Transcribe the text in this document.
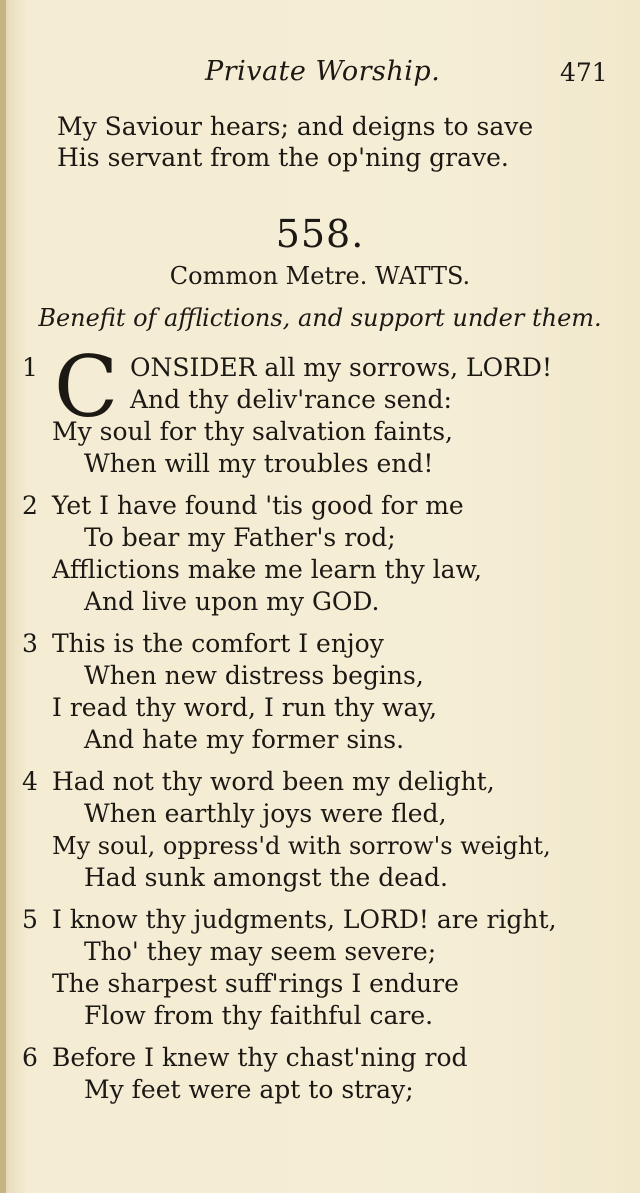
Private Worship.	471
My Saviour hears; and deigns to save
His servant from the op'ning grave.
558.
Common Metre. WATTS.
Benefit of afflictions, and support under them.
1 C ONSIDER all my sorrows, LORD!
And thy deliv'rance send:
My soul for thy salvation faints,
When will my troubles end!
2 Yet I have found 'tis good for me
To bear my Father's rod;
Afflictions make me learn thy law,
And live upon my GOD.
3 This is the comfort I enjoy
When new distress begins,
I read thy word, I run thy way,
And hate my former sins.
4 Had not thy word been my delight,
When earthly joys were fled,
My soul, oppress'd with sorrow's weight,
Had sunk amongst the dead.
5 I know thy judgments, LORD! are right,
Tho' they may seem severe;
The sharpest suff'rings I endure
Flow from thy faithful care.
6 Before I knew thy chast'ning rod
My feet were apt to stray;
